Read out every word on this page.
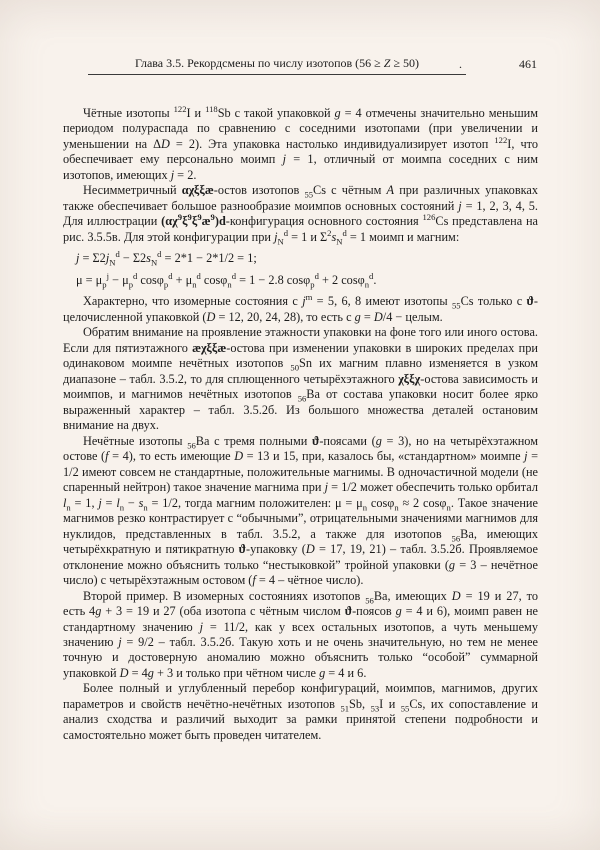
Глава 3.5. Рекордсмены по числу изотопов (56 ≥ Z ≥ 50)	.	461

Чётные изотопы $^{122}$I и $^{118}$Sb с такой упаковкой g = 4 отмечены значительно меньшим периодом полураспада по сравнению с соседними изотопами (при увеличении и уменьшении на ΔD = 2). Эта упаковка настолько индивидуализирует изотоп $^{122}$I, что обеспечивает ему персонально моимп j = 1, отличный от моимпа соседних с ним изотопов, имеющих j = 2.

Несимметричный αχξξæ-остов изотопов $_{55}$Cs с чётным A при различных упаковках также обеспечивает большое разнообразие моимпов основных состояний j = 1, 2, 3, 4, 5. Для иллюстрации $(\alpha\chi^9\xi^9\xi^9æ^9)d$-конфигурация основного состояния $^{126}$Cs представлена на рис. 3.5.5в. Для этой конфигурации при $j_N^d = 1$ и $\Sigma^2s_N^d = 1$ моимп и магним:

$j = \Sigma 2j_N^d - \Sigma 2s_N^d = 2*1 - 2*1/2 = 1$;
$\mu = \mu_p^j - \mu_p^d$ $\cos\varphi_p^d + \mu_n^d$ cosφ$_n^d$ = 1 − 2.8 cosφ$_p^d$ + 2 cosφ$_n^d$.

Характерно, что изомерные состояния с $j^m = 5$, 6, 8 имеют изотопы $_{55}$Cs только с ϑ-целочисленной упаковкой (D = 12, 20, 24, 28), то есть с g = D/4 − целым.

Обратим внимание на проявление этажности упаковки на фоне того или иного остова. Если для пятиэтажного æχξξæ-остова при изменении упаковки в широких пределах при одинаковом моимпе нечётных изотопов $_{50}$Sn их магним плавно изменяется в узком диапазоне – табл. 3.5.2, то для сплющенного четырёхэтажного χξξχ-остова зависимость и моимпов, и магнимов нечётных изотопов $_{56}$Ba от состава упаковки носит более ярко выраженный характер – табл. 3.5.2б. Из большого множества деталей остановим внимание на двух.

Нечётные изотопы $_{56}$Ba с тремя полными ϑ-поясами (g = 3), но на четырёхэтажном остове (f = 4), то есть имеющие D = 13 и 15, при, казалось бы, «стандартном» моимпе j = 1/2 имеют совсем не стандартные, положительные магнимы. В одночастичной модели (не спаренный нейтрон) такое значение магнима при j = 1/2 может обеспечить только орбитал $l_n = 1$, $j = l_n - s_n = 1/2$, тогда магним положителен: $\mu = \mu_n$ cosφ$_n$ ≈ 2 cosφ$_n$. Такое значение магнимов резко контрастирует с “обычными”, отрицательными значениями магнимов для нуклидов, представленных в табл. 3.5.2, а также для изотопов $_{56}$Ba, имеющих четырёхкратную и пятикратную ϑ-упаковку (D = 17, 19, 21) – табл. 3.5.2б. Проявляемое отклонение можно объяснить только “нестыковкой” тройной упаковки (g = 3 – нечётное число) с четырёхэтажным остовом (f = 4 – чётное число).

Второй пример. В изомерных состояниях изотопов $_{56}$Ba, имеющих D = 19 и 27, то есть 4g + 3 = 19 и 27 (оба изотопа с чётным числом ϑ-поясов g = 4 и 6), моимп равен не стандартному значению j = 11/2, как у всех остальных изотопов, а чуть меньшему значению j = 9/2 – табл. 3.5.2б. Такую хоть и не очень значительную, но тем не менее точную и достоверную аномалию можно объяснить только “особой” суммарной упаковкой D = 4g + 3 и только при чётном числе g = 4 и 6.

Более полный и углубленный перебор конфигураций, моимпов, магнимов, других параметров и свойств нечётно-нечётных изотопов $_{51}$Sb, $_{53}$I и $_{55}$Cs, их сопоставление и анализ сходства и различий выходит за рамки принятой степени подробности и самостоятельно может быть проведен читателем.
